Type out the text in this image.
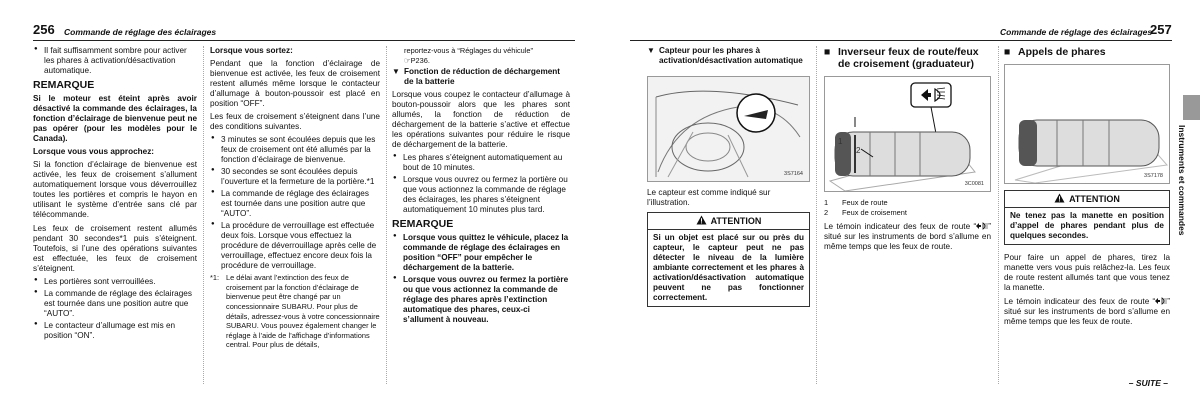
256 Commande de réglage des éclairages
● Il fait suffisamment sombre pour activer les phares à activation/désactivation automatique.
REMARQUE

Si le moteur est éteint après avoir désactivé la commande des éclairages, la fonction d’éclairage de bienvenue peut ne pas opérer (pour les modèles pour le Canada).

Lorsque vous vous approchez:

Si la fonction d’éclairage de bienvenue est activée, les feux de croisement s’allument automatiquement lorsque vous déverrouillez toutes les portières et compris le hayon en utilisant le système d’entrée sans clé par télécommande.

Les feux de croisement restent allumés pendant 30 secondes*1 puis s’éteignent. Toutefois, si l’une des opérations suivantes est effectuée, les feux de croisement s’éteignent.

● Les portières sont verrouillées.
● La commande de réglage des éclairages est tournée dans une position autre que “AUTO”.
● Le contacteur d’allumage est mis en position “ON”.

Lorsque vous sortez:

Pendant que la fonction d’éclairage de bienvenue est activée, les feux de croisement restent allumés même lorsque le contacteur d’allumage à bouton-poussoir est placé en position “OFF”.

Les feux de croisement s’éteignent dans l’une des conditions suivantes.

● 3 minutes se sont écoulées depuis que les feux de croisement ont été allumés par la fonction d’éclairage de bienvenue.
● 30 secondes se sont écoulées depuis l’ouverture et la fermeture de la portière.*1
● La commande de réglage des éclairages est tournée dans une position autre que “AUTO”.
● La procédure de verrouillage est effectuée deux fois. Lorsque vous effectuez la procédure de déverrouillage après celle de verrouillage, effectuez encore deux fois la procédure de verrouillage.
*1: Le délai avant l’extinction des feux de croisement par la fonction d’éclairage de bienvenue peut être changé par un concessionnaire SUBARU. Pour plus de détails, adressez-vous à votre concessionnaire SUBARU. Vous pouvez également changer le réglage à l’aide de l’affichage d’informations central. Pour plus de détails,
reportez-vous à “Réglages du véhicule”
☞P236.
▼ Fonction de réduction de déchargement de la batterie

Lorsque vous coupez le contacteur d’allumage à bouton-poussoir alors que les phares sont allumés, la fonction de réduction de déchargement de la batterie s’active et effectue les opérations suivantes pour réduire le risque de déchargement de la batterie.

● Les phares s’éteignent automatiquement au bout de 10 minutes.
● Lorsque vous ouvrez ou fermez la portière ou que vous actionnez la commande de réglage des éclairages, les phares s’éteignent automatiquement 10 minutes plus tard.
REMARQUE
● Lorsque vous quittez le véhicule, placez la commande de réglage des éclairages en position “OFF” pour empêcher le déchargement de la batterie.
● Lorsque vous ouvrez ou fermez la portière ou que vous actionnez la commande de réglage des phares après l’extinction automatique des phares, ceux-ci s’allument à nouveau.
Commande de réglage des éclairages
257
▼ Capteur pour les phares à activation/désactivation automatique
3S7164

Le capteur est comme indiqué sur l’illustration.

ATTENTION
Si un objet est placé sur ou près du capteur, le capteur peut ne pas détecter le niveau de la lumière ambiante correctement et les phares à activation/désactivation automatique peuvent ne pas fonctionner correctement.
■ Inverseur feux de route/feux de croisement (graduateur)
1
2
3C0081
1 Feux de route
2 Feux de croisement

Le témoin indicateur des feux de route “ ” situé sur les instruments de bord s’allume en même temps que les feux de route.

■ Appels de phares
3S7178
ATTENTION
Ne tenez pas la manette en position d’appel de phares pendant plus de quelques secondes.

Pour faire un appel de phares, tirez la manette vers vous puis relâchez-la. Les feux de route restent allumés tant que vous tenez la manette.

Le témoin indicateur des feux de route “ ” situé sur les instruments de bord s’allume en même temps que les feux de route.

– SUITE –
Instruments et commandes
